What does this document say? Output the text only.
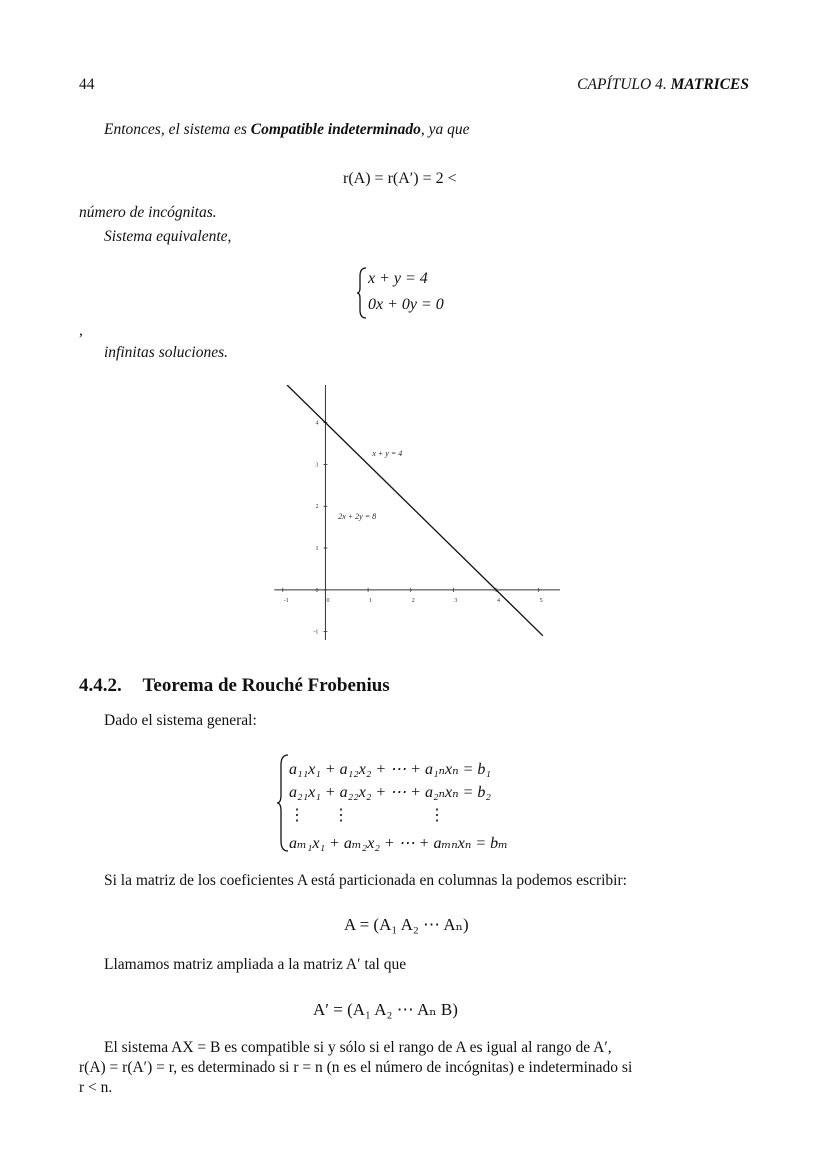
44	CAPÍTULO 4. MATRICES
Entonces, el sistema es Compatible indeterminado, ya que
r(A) = r(A′) = 2 <
número de incógnitas.
Sistema equivalente,
x + y = 4
0x + 0y = 0
,
infinitas soluciones.
-1	0	1	2	3	4	5
-1
0
1
2
3
4
x + y = 4
2x + 2y = 8
4.4.2. Teorema de Rouché Frobenius
Dado el sistema general:
a₁₁x₁ + a₁₂x₂ + ⋯ + a₁ₙxₙ = b₁
a₂₁x₁ + a₂₂x₂ + ⋯ + a₂ₙxₙ = b₂
⋮       ⋮                    ⋮
aₘ₁x₁ + aₘ₂x₂ + ⋯ + aₘₙxₙ = bₘ
Si la matriz de los coeficientes A está particionada en columnas la podemos escribir:
A = (A₁ A₂ ⋯ Aₙ)
Llamamos matriz ampliada a la matriz A′ tal que
A′ = (A₁ A₂ ⋯ Aₙ B)
El sistema AX = B es compatible si y sólo si el rango de A es igual al rango de A′,
r(A) = r(A′) = r, es determinado si r = n (n es el número de incógnitas) e indeterminado si
r < n.
